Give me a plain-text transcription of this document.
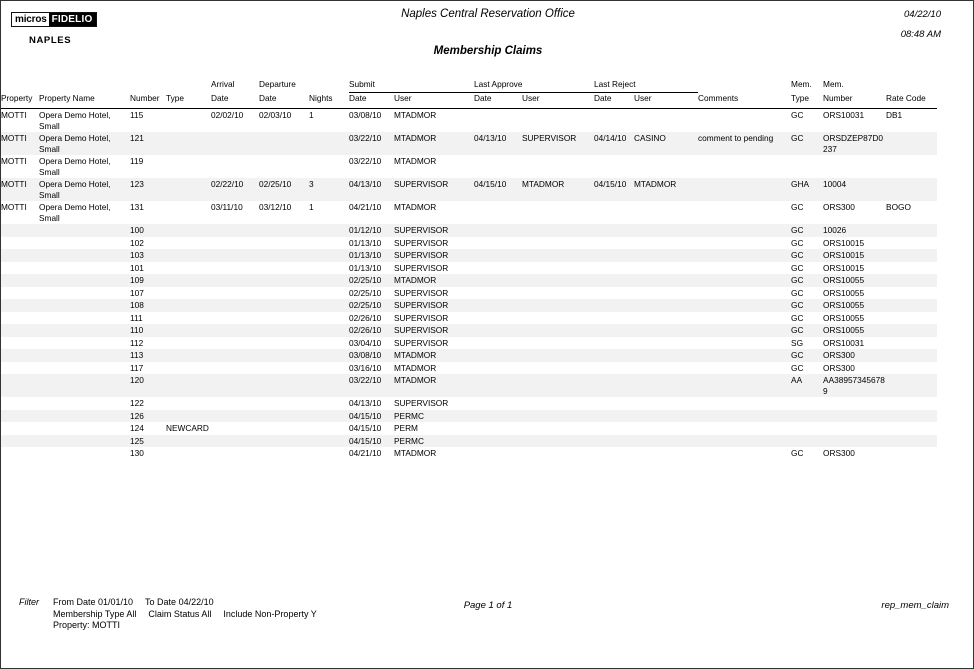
micros FIDELIO
NAPLES
Naples Central Reservation Office
Membership Claims
04/22/10
08:48 AM
				Arrival	Departure		Submit		Last Approve		Last Reject			Mem.	Mem.	
Property	Property Name	Number	Type	Date	Date	Nights	Date	User	Date	User	Date	User	Comments	Type	Number	Rate Code

MOTTI	Opera Demo Hotel, Small	115		02/02/10	02/03/10	1	03/08/10	MTADMOR						GC	ORS10031	DB1
MOTTI	Opera Demo Hotel, Small	121					03/22/10	MTADMOR	04/13/10	SUPERVISOR	04/14/10	CASINO	comment to pending	GC	ORSDZEP87D0237	
MOTTI	Opera Demo Hotel, Small	119					03/22/10	MTADMOR								
MOTTI	Opera Demo Hotel, Small	123		02/22/10	02/25/10	3	04/13/10	SUPERVISOR	04/15/10	MTADMOR	04/15/10	MTADMOR		GHA	10004	
MOTTI	Opera Demo Hotel, Small	131		03/11/10	03/12/10	1	04/21/10	MTADMOR						GC	ORS300	BOGO
		100					01/12/10	SUPERVISOR						GC	10026	
		102					01/13/10	SUPERVISOR						GC	ORS10015	
		103					01/13/10	SUPERVISOR						GC	ORS10015	
		101					01/13/10	SUPERVISOR						GC	ORS10015	
		109					02/25/10	MTADMOR						GC	ORS10055	
		107					02/25/10	SUPERVISOR						GC	ORS10055	
		108					02/25/10	SUPERVISOR						GC	ORS10055	
		111					02/26/10	SUPERVISOR						GC	ORS10055	
		110					02/26/10	SUPERVISOR						GC	ORS10055	
		112					03/04/10	SUPERVISOR						SG	ORS10031	
		113					03/08/10	MTADMOR						GC	ORS300	
		117					03/16/10	MTADMOR						GC	ORS300	
		120					03/22/10	MTADMOR						AA	AA389573456789	
		122					04/13/10	SUPERVISOR								
		126					04/15/10	PERMC								
		124	NEWCARD				04/15/10	PERM								
		125					04/15/10	PERMC								
		130					04/21/10	MTADMOR						GC	ORS300	
Filter From Date 01/01/10 To Date 04/22/10
Membership Type All Claim Status All Include Non-Property Y
Property: MOTTI
Page 1 of 1	rep_mem_claim
